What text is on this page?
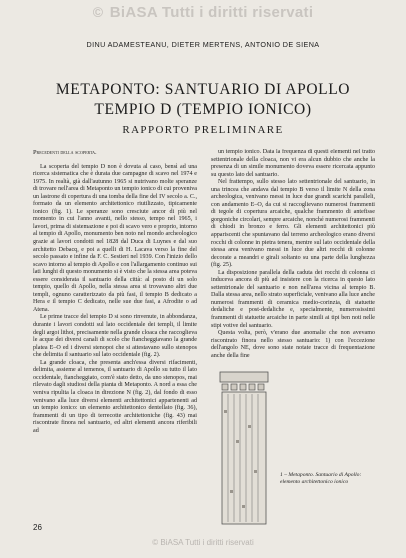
© BiASA Tutti i diritti riservati
DINU ADAMESTEANU, DIETER MERTENS, ANTONIO DE SIENA
METAPONTO: SANTUARIO DI APOLLO
TEMPIO D (TEMPIO IONICO)
RAPPORTO PRELIMINARE

Precedenti della scoperta.

La scoperta del tempio D non è dovuta al caso, bensì ad una ricerca sistematica che è durata due campagne di scavo nel 1974 e 1975. In realtà, già dall'autunno 1965 si nutrivano molte speranze di trovare nell'area di Metaponto un tempio ionico di cui proveniva un lastrone di copertura di una tomba della fine del IV secolo a. C., formato da un elemento architettonico riutilizzato, tipicamente ionico (fig. 1). Le speranze sono cresciute ancor di più nel momento in cui l'anno avanti, nello stesso, tempo nel 1965, i lavori, prima di sistemazione e poi di scavo vero e proprio, intorno al tempio di Apollo, monumento ben noto nel mondo archeologico grazie ai lavori condotti nel 1828 dal Duca di Luynes e dal suo architetto Debacq, e poi a quelli di H. Lacava verso la fine del secolo passato e infine da F. C. Sestieri nel 1939. Con l'inizio dello scavo intorno al tempio di Apollo e con l'allargamento continuo sui lati lunghi di questo monumento si è visto che la stessa area poteva essere considerata il santuario della città: al posto di un solo tempio, quello di Apollo, nella stessa area si trovavano altri due templi, ognuno caratterizzato da più fasi, il tempio B dedicato a Hera e il tempio C dedicato, nelle sue due fasi, a Afrodite o ad Atena.

Le prime tracce del tempio D si sono rinvenute, in abbondanza, durante i lavori condotti sul lato occidentale dei templi, il limite degli argoi lithoi, precisamente nella grande cloaca che raccoglieva le acque dei diversi canali di scolo che fiancheggiavano la grande platea E–O ed i diversi stenopoi che si attestavano sullo stenopos che delimita il santuario sul lato occidentale (fig. 2).

La grande cloaca, che presenta anch'essa diversi rifacimenti, delimita, assieme al temenos, il santuario di Apollo su tutto il lato occidentale, fiancheggiato, com'è stato detto, da uno stenopos, mai rilevato dagli studiosi della pianta di Metaponto. A nord a essa che veniva ripulita la cloaca in direzione N (fig. 2), dal fondo di esso venivano alla luce diversi elementi architettonici appartenenti ad un tempio ionico: un elemento architettonico dentellato (fig. 36), frammenti di un tipo di terrecotte architettoniche (fig. 43) mai riscontrate finora nel santuario, ed altri elementi ancora riferibili ad

un tempio ionico. Data la frequenza di questi elementi nel tratto settentrionale della cloaca, non vi era alcun dubbio che anche la presenza di un simile monumento doveva essere ricercata appunto su questo lato del santuario.

Nel frattempo, sullo stesso lato settentrionale del santuario, in una trincea che andava dal tempio B verso il limite N della zona archeologica, venivano messi in luce due grandi scarichi paralleli, con andamento E–O, da cui si raccoglievano numerosi frammenti di tegole di copertura arcaiche, qualche frammento di antefisse gorgoniche circolari, sempre arcaiche, nonché numerosi frammenti di chiodi in bronzo e ferro. Gli elementi architettonici più appariscenti che spuntavano dal terreno archeologico erano diversi rocchi di colonne in pietra tenera, mentre sul lato occidentale della stessa area venivano messi in luce due altri rocchi di colonne decorate a meandri e girali soltanto su una parte della lunghezza (fig. 25).

La disposizione parallela della caduta dei rocchi di colonna ci induceva ancora di più ad insistere con la ricerca in questo lato settentrionale del santuario e non nell'area vicina al tempio B. Dalla stessa area, nello strato superficiale, venivano alla luce anche numerosi frammenti di ceramica medio-corinzia, di statuette dedaliche e post-dedaliche e, specialmente, numerosissimi frammenti di statuette arcaiche in parte simili ai tipi ben noti nelle stipi votive del santuario.

Questa volta, però, v'erano due anomalie che non avevamo riscontrato finora nello stesso santuario: 1) con l'eccezione dell'angolo NE, dove sono state notate tracce di frequentazione anche della fine

1 – Metaponto. Santuario di Apollo: elemento architettonico ionico
26
© BiASA Tutti i diritti riservati
